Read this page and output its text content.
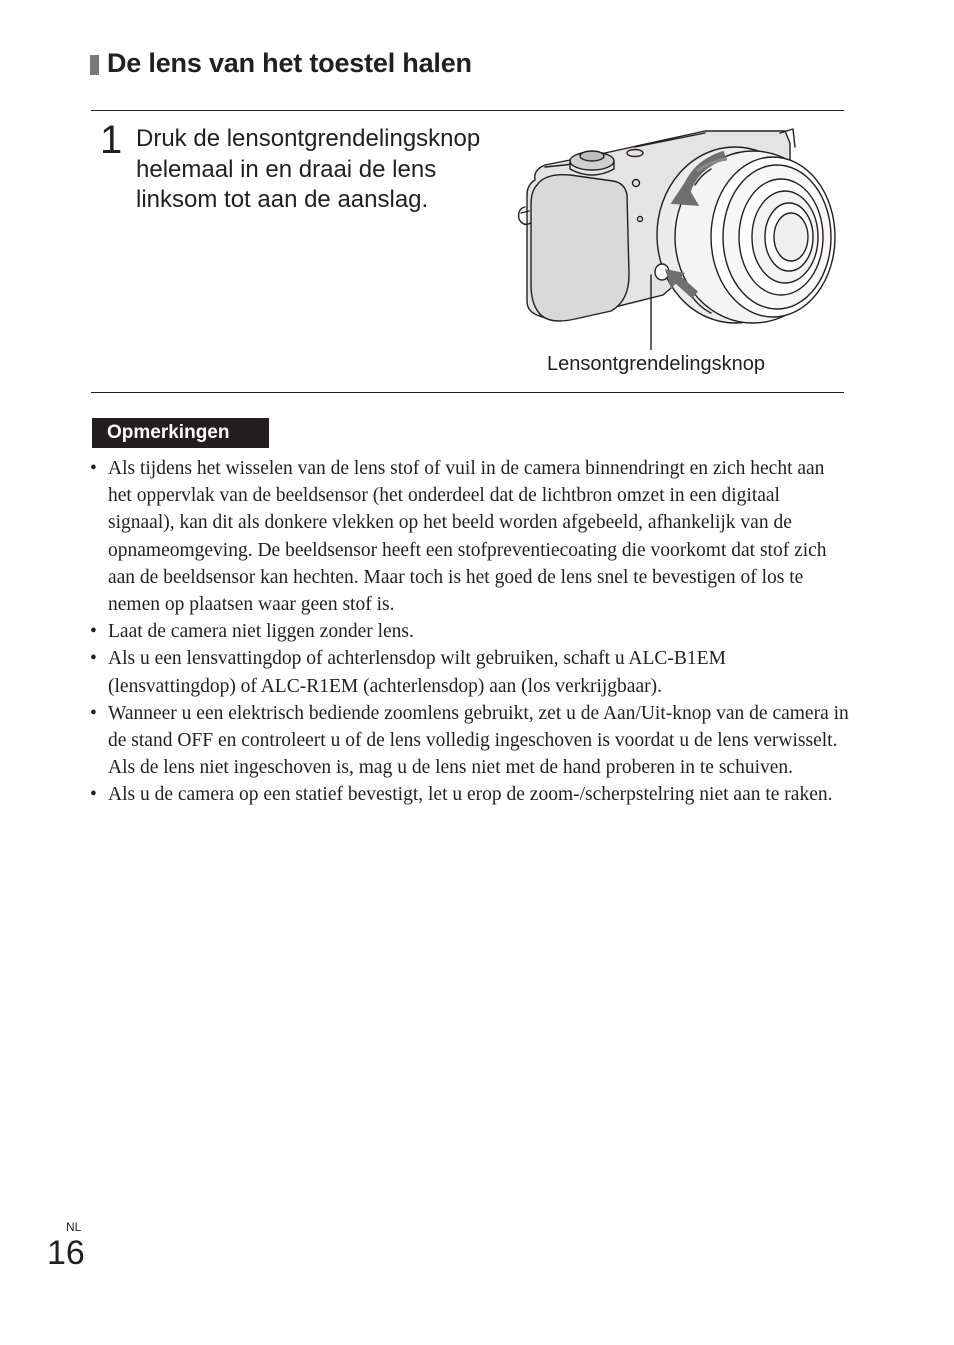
De lens van het toestel halen
1 Druk de lensontgrendelingsknop helemaal in en draai de lens linksom tot aan de aanslag.
Lensontgrendelingsknop
Opmerkingen
• Als tijdens het wisselen van de lens stof of vuil in de camera binnendringt en zich hecht aan het oppervlak van de beeldsensor (het onderdeel dat de lichtbron omzet in een digitaal signaal), kan dit als donkere vlekken op het beeld worden afgebeeld, afhankelijk van de opnameomgeving. De beeldsensor heeft een stofpreventiecoating die voorkomt dat stof zich aan de beeldsensor kan hechten. Maar toch is het goed de lens snel te bevestigen of los te nemen op plaatsen waar geen stof is.
• Laat de camera niet liggen zonder lens.
• Als u een lensvattingdop of achterlensdop wilt gebruiken, schaft u ALC-B1EM (lensvattingdop) of ALC-R1EM (achterlensdop) aan (los verkrijgbaar).
• Wanneer u een elektrisch bediende zoomlens gebruikt, zet u de Aan/Uit-knop van de camera in de stand OFF en controleert u of de lens volledig ingeschoven is voordat u de lens verwisselt. Als de lens niet ingeschoven is, mag u de lens niet met de hand proberen in te schuiven.
• Als u de camera op een statief bevestigt, let u erop de zoom-/scherpstelring niet aan te raken.
NL
16
